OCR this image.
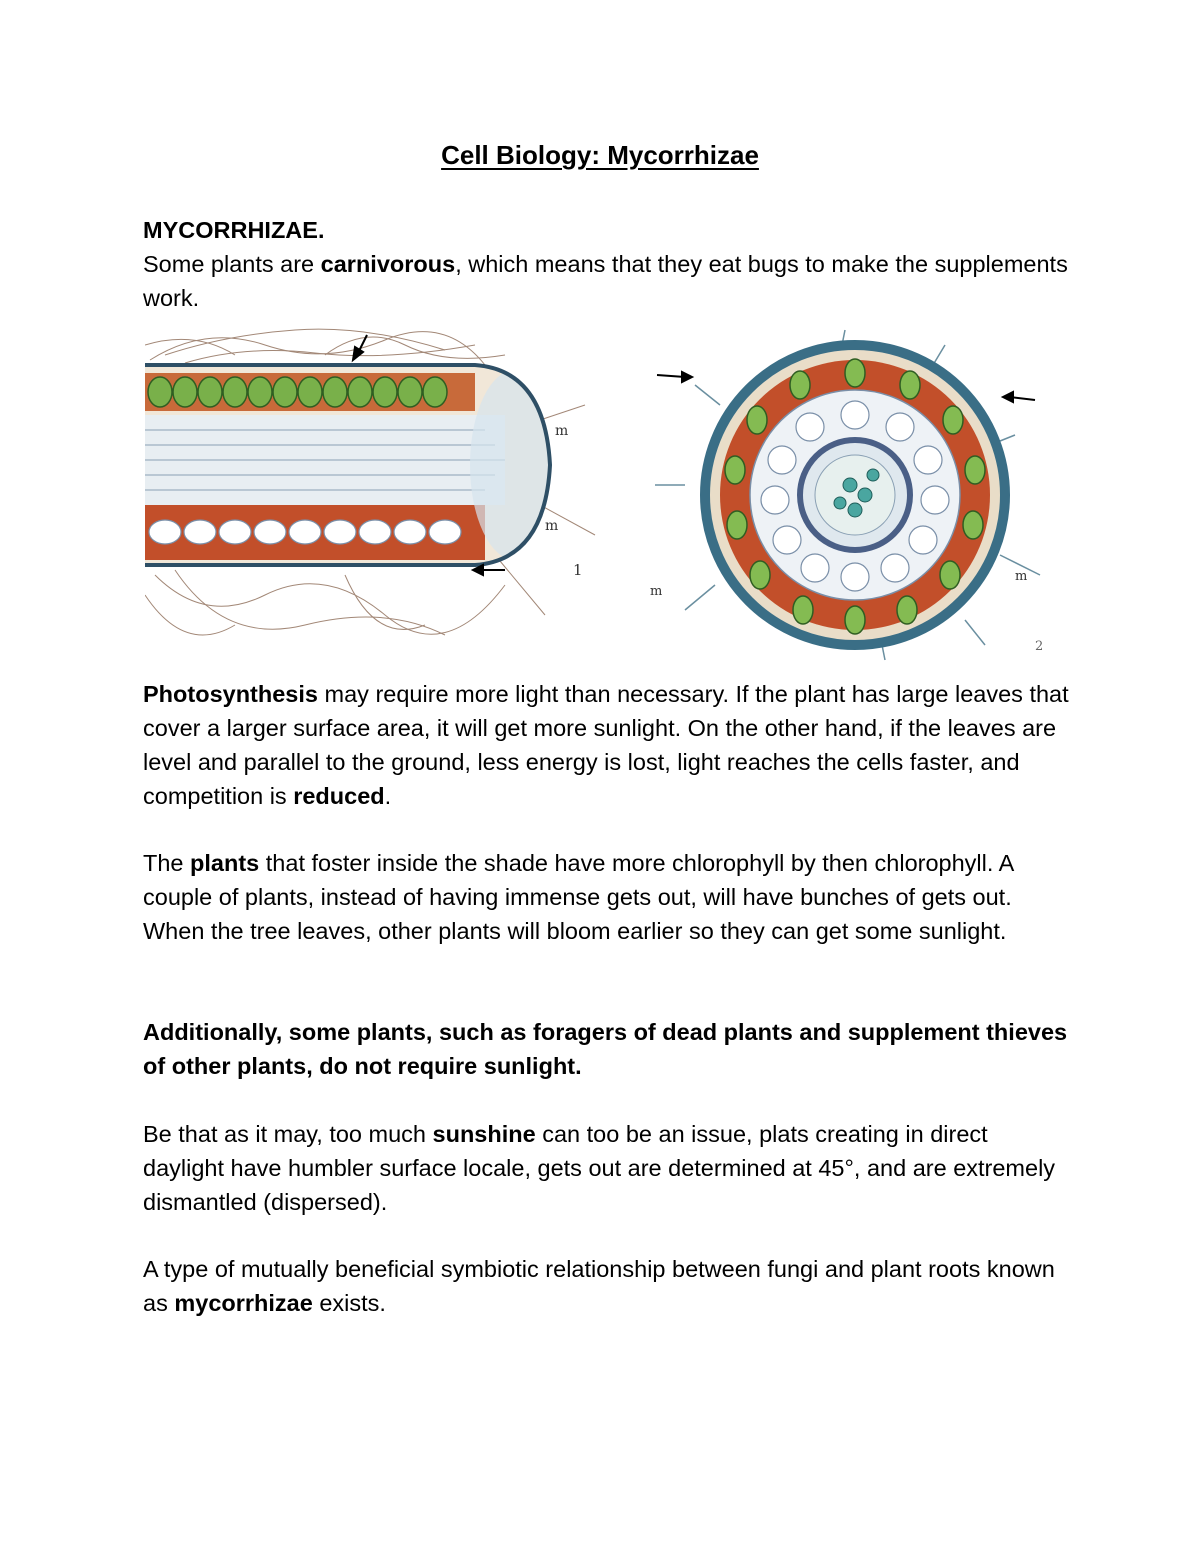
Cell Biology: Mycorrhizae
MYCORRHIZAE.

Some plants are carnivorous, which means that they eat bugs to make the supplements work.

m
m
1
m
m
2

Photosynthesis may require more light than necessary. If the plant has large leaves that cover a larger surface area, it will get more sunlight. On the other hand, if the leaves are level and parallel to the ground, less energy is lost, light reaches the cells faster, and competition is reduced.

The plants that foster inside the shade have more chlorophyll by then chlorophyll. A couple of plants, instead of having immense gets out, will have bunches of gets out. When the tree leaves, other plants will bloom earlier so they can get some sunlight.

Additionally, some plants, such as foragers of dead plants and supplement thieves of other plants, do not require sunlight.

Be that as it may, too much sunshine can too be an issue, plats creating in direct daylight have humbler surface locale, gets out are determined at 45°, and are extremely dismantled (dispersed).

A type of mutually beneficial symbiotic relationship between fungi and plant roots known as mycorrhizae exists.
